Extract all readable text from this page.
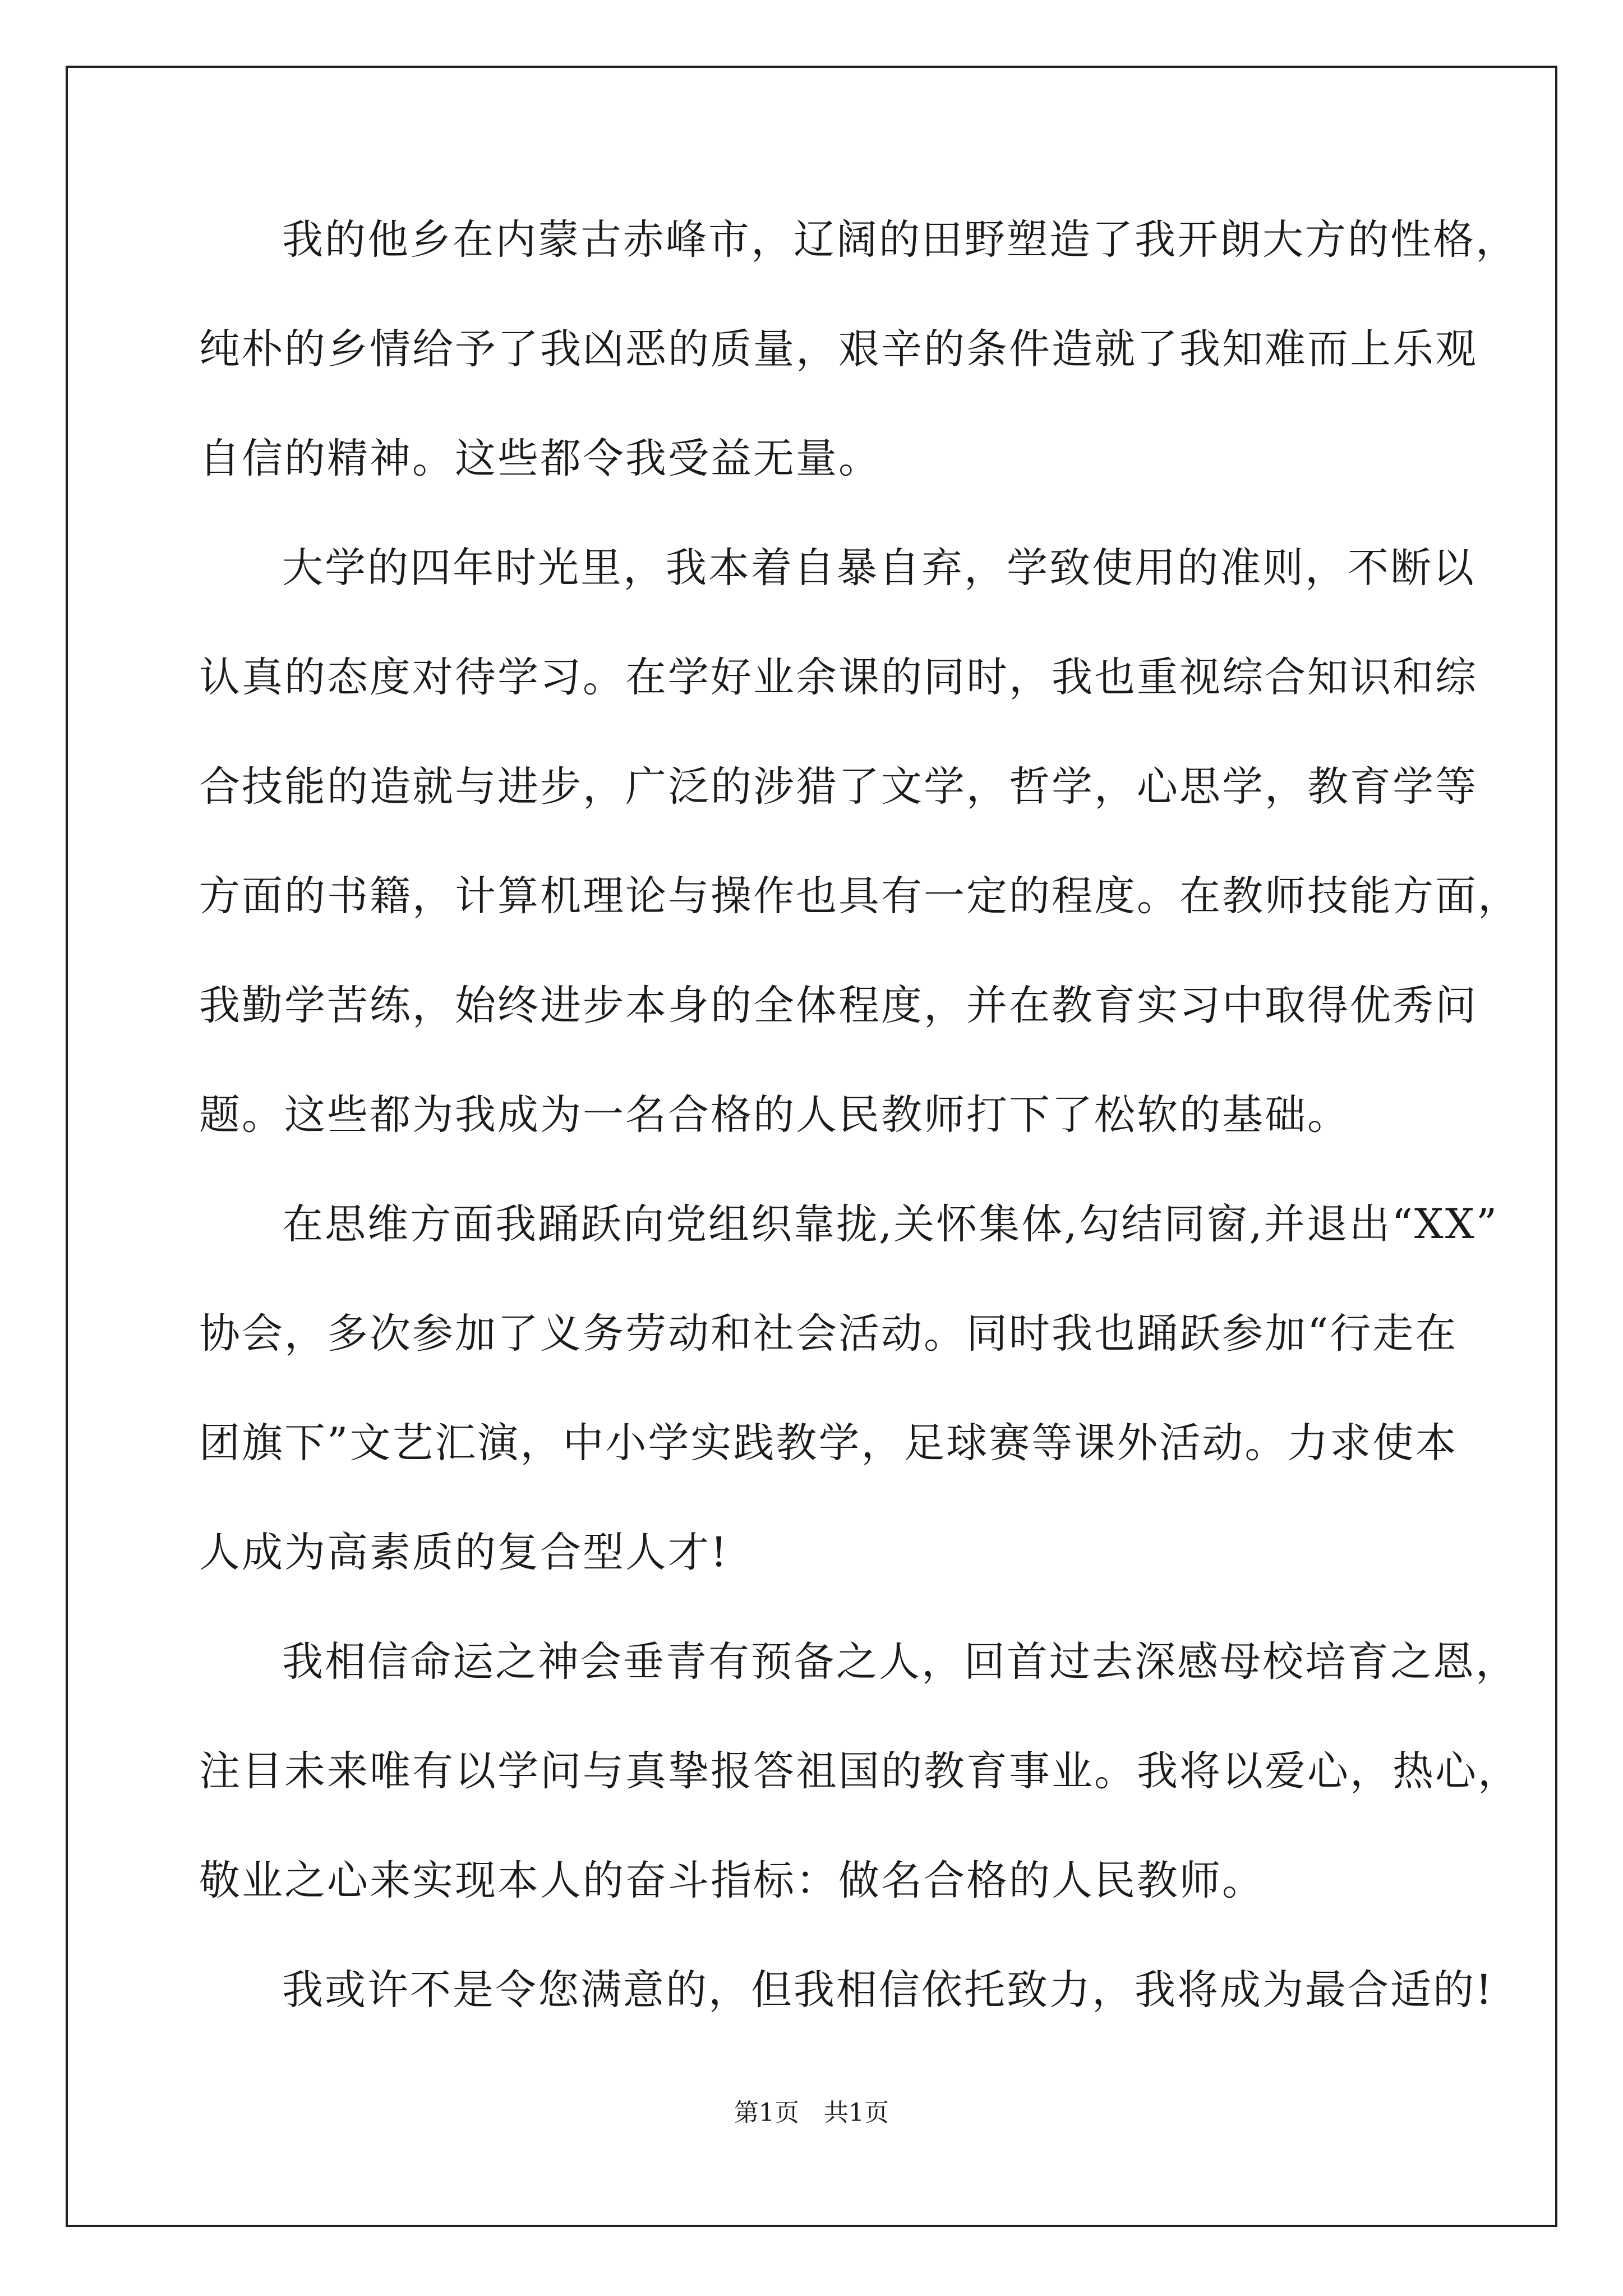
我的他乡在内蒙古赤峰市，辽阔的田野塑造了我开朗大方的性格，
纯朴的乡情给予了我凶恶的质量，艰辛的条件造就了我知难而上乐观
自信的精神。这些都令我受益无量。
大学的四年时光里，我本着自暴自弃，学致使用的准则，不断以
认真的态度对待学习。在学好业余课的同时，我也重视综合知识和综
合技能的造就与进步，广泛的涉猎了文学，哲学，心思学，教育学等
方面的书籍，计算机理论与操作也具有一定的程度。在教师技能方面，
我勤学苦练，始终进步本身的全体程度，并在教育实习中取得优秀问
题。这些都为我成为一名合格的人民教师打下了松软的基础。
在思维方面我踊跃向党组织靠拢,关怀集体,勾结同窗,并退出“XX”
协会，多次参加了义务劳动和社会活动。同时我也踊跃参加“行走在
团旗下”文艺汇演，中小学实践教学，足球赛等课外活动。力求使本
人成为高素质的复合型人才!
我相信命运之神会垂青有预备之人，回首过去深感母校培育之恩，
注目未来唯有以学问与真挚报答祖国的教育事业。我将以爱心，热心，
敬业之心来实现本人的奋斗指标：做名合格的人民教师。
我或许不是令您满意的，但我相信依托致力，我将成为最合适的!
第1页 共1页
